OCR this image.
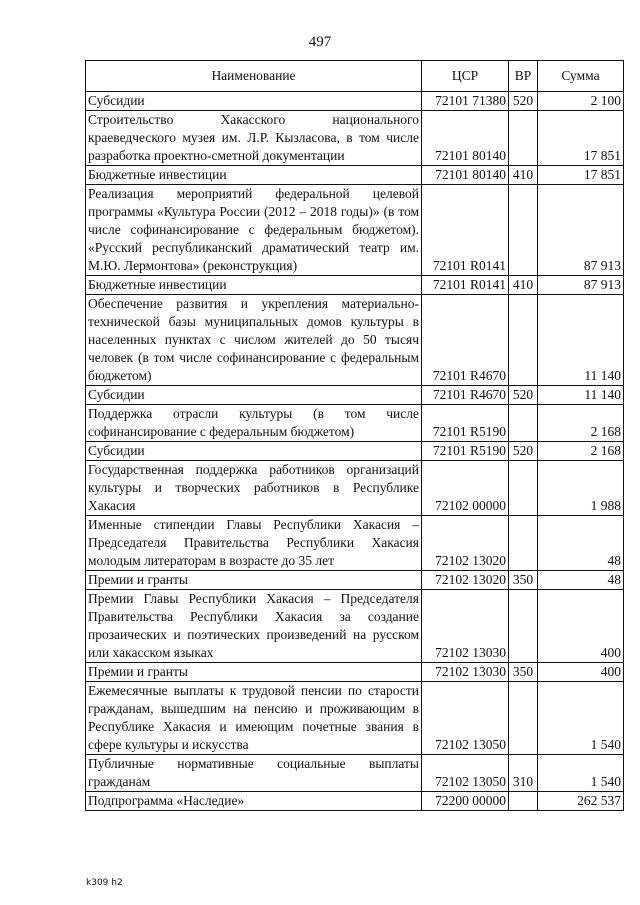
497
Наименование	ЦСР	ВР	Сумма
Субсидии	72101 71380	520	2 100
Строительство Хакасского национального краеведческого музея им. Л.Р. Кызласова, в том числе разработка проектно-сметной документации	72101 80140		17 851
Бюджетные инвестиции	72101 80140	410	17 851
Реализация мероприятий федеральной целевой программы «Культура России (2012 – 2018 годы)» (в том числе софинансирование с федеральным бюджетом). «Русский республиканский драматический театр им. М.Ю. Лермонтова» (реконструкция)	72101 R0141		87 913
Бюджетные инвестиции	72101 R0141	410	87 913
Обеспечение развития и укрепления материально-технической базы муниципальных домов культуры в населенных пунктах с числом жителей до 50 тысяч человек (в том числе софинансирование с федеральным бюджетом)	72101 R4670		11 140
Субсидии	72101 R4670	520	11 140
Поддержка отрасли культуры (в том числе софинансирование с федеральным бюджетом)	72101 R5190		2 168
Субсидии	72101 R5190	520	2 168
Государственная поддержка работников организаций культуры и творческих работников в Республике Хакасия	72102 00000		1 988
Именные стипендии Главы Республики Хакасия – Председателя Правительства Республики Хакасия молодым литераторам в возрасте до 35 лет	72102 13020		48
Премии и гранты	72102 13020	350	48
Премии Главы Республики Хакасия – Председателя Правительства Республики Хакасия за создание прозаических и поэтических произведений на русском или хакасском языках	72102 13030		400
Премии и гранты	72102 13030	350	400
Ежемесячные выплаты к трудовой пенсии по старости гражданам, вышедшим на пенсию и проживающим в Республике Хакасия и имеющим почетные звания в сфере культуры и искусства	72102 13050		1 540
Публичные нормативные социальные выплаты гражданам	72102 13050	310	1 540
Подпрограмма «Наследие»	72200 00000		262 537
k309 h2
